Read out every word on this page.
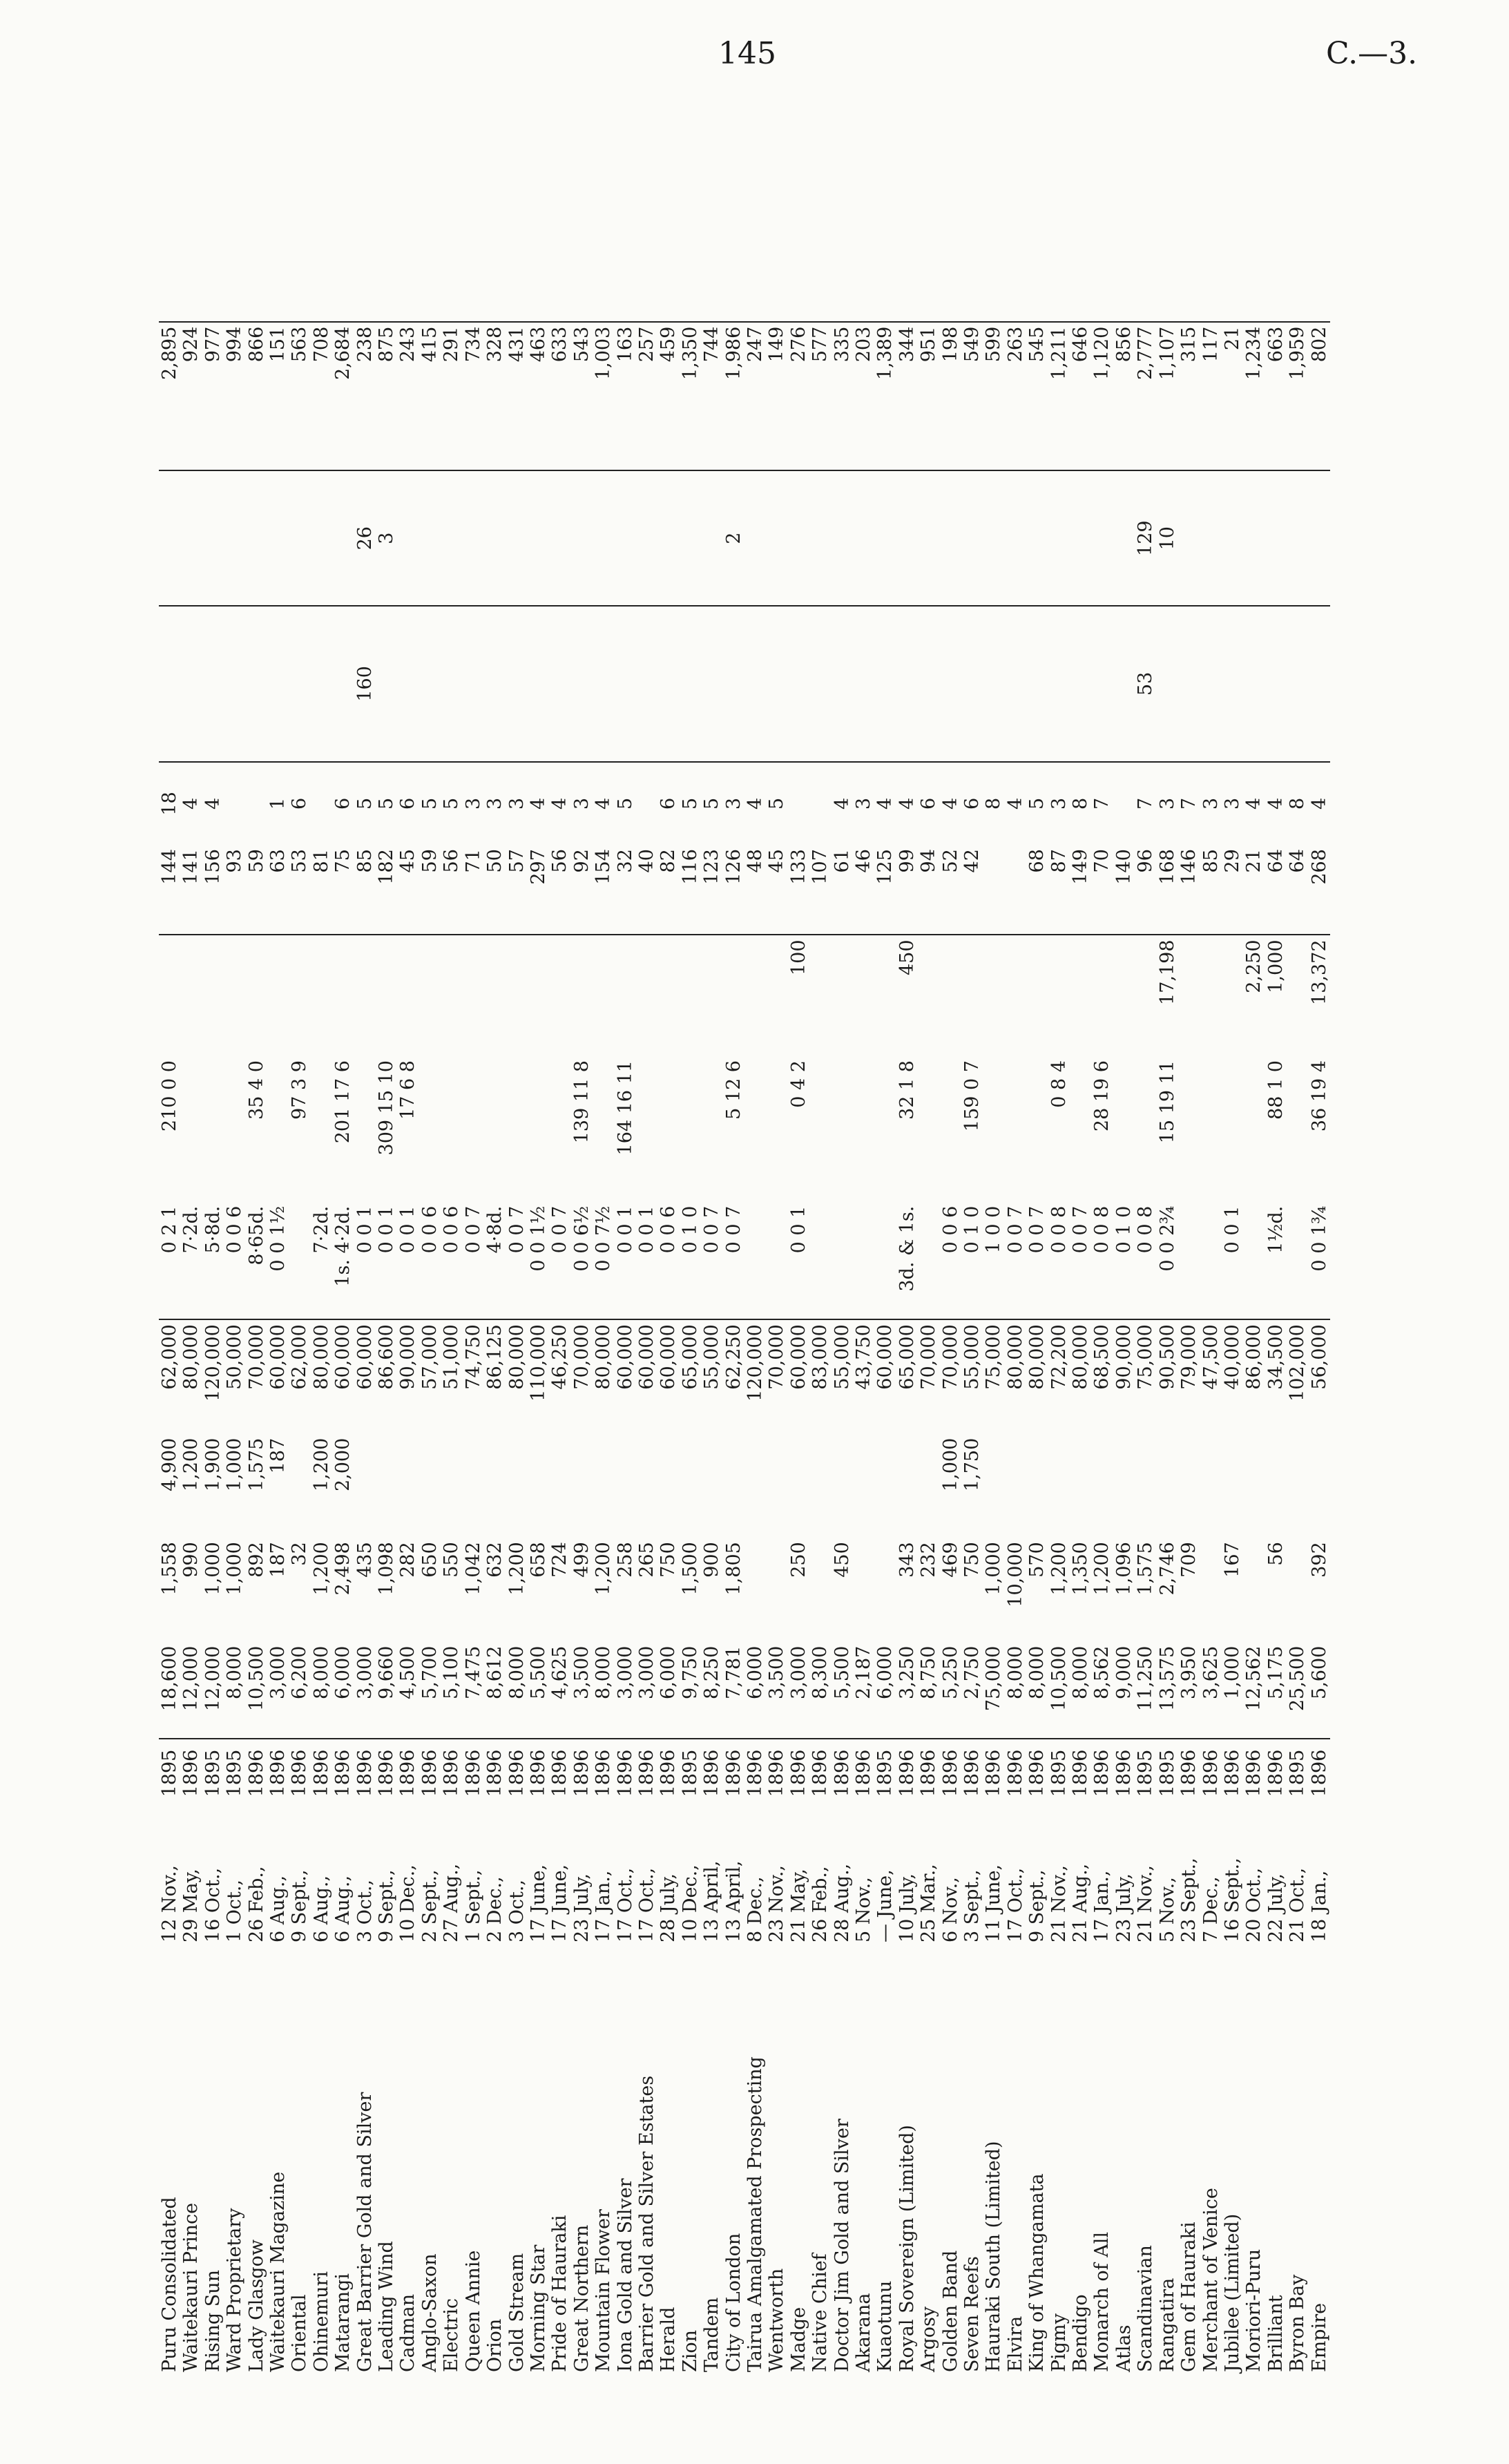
145	C.—3.
Puru Consolidated	12 Nov.,	1895	18,600	1,558	4,900	62,000	0 2 1	210 0 0		144	18			2,895	
Waitekauri Prince	29 May,	1896	12,000	990	1,200	80,000	7·2d.			141	4			924	
Rising Sun	16 Oct.,	1895	12,000	1,000	1,900	120,000	5·8d.			156	4			977	
Ward Proprietary	1 Oct.,	1895	8,000	1,000	1,000	50,000	0 0 6			93				994	
Lady Glasgow	26 Feb.,	1896	10,500	892	1,575	70,000	8·65d.	35 4 0		59				866	
Waitekauri Magazine	6 Aug.,	1896	3,000	187	187	60,000	0 0 1½			63	1			151	
Oriental	9 Sept.,	1896	6,200	32		62,000		97 3 9		53	6			563	
Ohinemuri	6 Aug.,	1896	8,000	1,200	1,200	80,000	7·2d.			81				708	
Matarangi	6 Aug.,	1896	6,000	2,498	2,000	60,000	1s. 4·2d.	201 17 6		75	6			2,684	
Great Barrier Gold and Silver	3 Oct.,	1896	3,000	435		60,000	0 0 1			85	5	160	26	238	
Leading Wind	9 Sept.,	1896	9,660	1,098		86,600	0 0 1	309 15 10		182	5		3	875	
Cadman	10 Dec.,	1896	4,500	282		90,000	0 0 1	17 6 8		45	6			243	
Anglo-Saxon	2 Sept.,	1896	5,700	650		57,000	0 0 6			59	5			415	
Electric	27 Aug.,	1896	5,100	550		51,000	0 0 6			56	5			291	
Queen Annie	1 Sept.,	1896	7,475	1,042		74,750	0 0 7			71	3			734	
Orion	2 Dec.,	1896	8,612	632		86,125	4·8d.			50	3			328	
Gold Stream	3 Oct.,	1896	8,000	1,200		80,000	0 0 7			57	3			431	
Morning Star	17 June,	1896	5,500	658		110,000	0 0 1½			297	4			463	
Pride of Hauraki	17 June,	1896	4,625	724		46,250	0 0 7			56	4			633	
Great Northern	23 July,	1896	3,500	499		70,000	0 0 6½	139 11 8		92	3			543	
Mountain Flower	17 Jan.,	1896	8,000	1,200		80,000	0 0 7½			154	4			1,003	
Iona Gold and Silver	17 Oct.,	1896	3,000	258		60,000	0 0 1	164 16 11		32	5			163	
Barrier Gold and Silver Estates	17 Oct.,	1896	3,000	265		60,000	0 0 1			40				257	
Herald	28 July,	1896	6,000	750		60,000	0 0 6			82	6			459	
Zion	10 Dec.,	1895	9,750	1,500		65,000	0 1 0			116	5			1,350	
Tandem	13 April,	1896	8,250	900		55,000	0 0 7			123	5			744	
City of London	13 April,	1896	7,781	1,805		62,250	0 0 7	5 12 6		126	3		2	1,986	
Tairua Amalgamated Prospecting	8 Dec.,	1896	6,000			120,000				48	4			247	
Wentworth	23 Nov.,	1896	3,500			70,000				45	5			149	
Madge	21 May,	1896	3,000	250		60,000	0 0 1	0 4 2	100	133				276	
Native Chief	26 Feb.,	1896	8,300			83,000				107				577	
Doctor Jim Gold and Silver	28 Aug.,	1896	5,500	450		55,000				61	4			335	
Akarana	5 Nov.,	1896	2,187			43,750				46	3			203	
Kuaotunu	— June,	1895	6,000			60,000				125	4			1,389	
Royal Sovereign (Limited)	10 July,	1896	3,250	343		65,000	3d. & 1s.	32 1 8	450	99	4			344	
Argosy	25 Mar.,	1896	8,750	232		70,000				94	6			951	
Golden Band	6 Nov.,	1896	5,250	469	1,000	70,000	0 0 6			52	4			198	
Seven Reefs	3 Sept.,	1896	2,750	750	1,750	55,000	0 1 0	159 0 7		42	6			549	
Hauraki South (Limited)	11 June,	1896	75,000	1,000		75,000	1 0 0				8			599	
Elvira	17 Oct.,	1896	8,000	10,000		80,000	0 0 7				4			263	
King of Whangamata	9 Sept.,	1896	8,000	570		80,000	0 0 7			68	5			545	
Pigmy	21 Nov.,	1895	10,500	1,200		72,200	0 0 8	0 8 4		87	3			1,211	
Bendigo	21 Aug.,	1896	8,000	1,350		80,000	0 0 7			149	8			646	
Monarch of All	17 Jan.,	1896	8,562	1,200		68,500	0 0 8	28 19 6		70	7			1,120	
Atlas	23 July,	1896	9,000	1,096		90,000	0 1 0			140				856	
Scandinavian	21 Nov.,	1895	11,250	1,575		75,000	0 0 8			96	7	53	129	2,777	
Rangatira	5 Nov.,	1895	13,575	2,746		90,500	0 0 2¾	15 19 11	17,198	168	3		10	1,107	
Gem of Hauraki	23 Sept.,	1896	3,950	709		79,000				146	7			315	
Merchant of Venice	7 Dec.,	1896	3,625			47,500				85	3			117	
Jubilee (Limited)	16 Sept.,	1896	1,000	167		40,000	0 0 1			29	3			21	
Moriori-Puru	20 Oct.,	1896	12,562			86,000			2,250	21	4			1,234	
Brilliant	22 July,	1896	5,175	56		34,500	1½d.	88 1 0	1,000	64	4			663	
Byron Bay	21 Oct.,	1895	25,500			102,000				64	8			1,959	
Empire	18 Jan.,	1896	5,600	392		56,000	0 0 1¾	36 19 4	13,372	268	4			802	
